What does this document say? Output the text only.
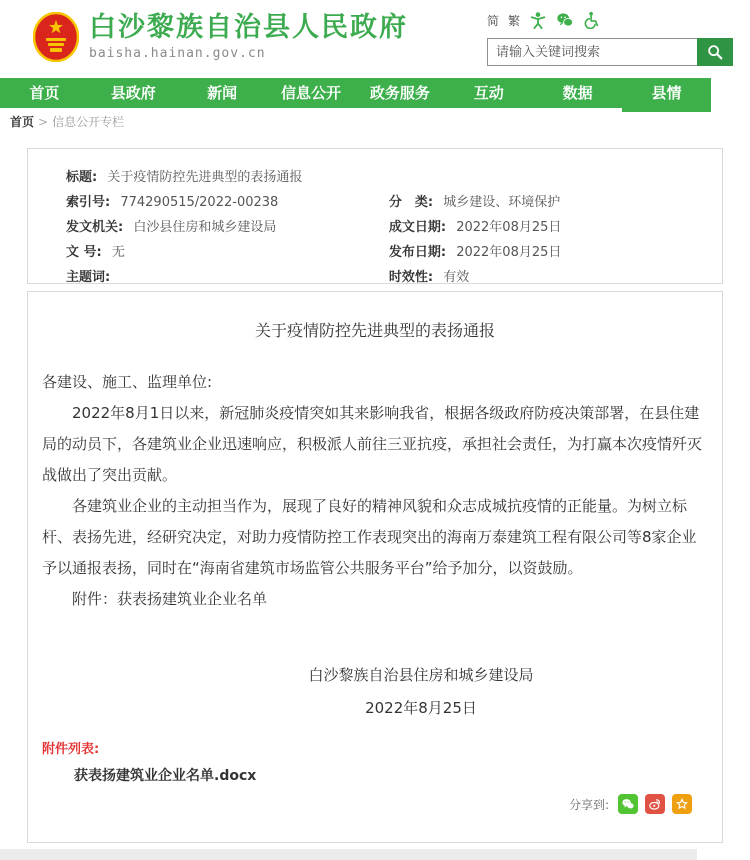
白沙黎族自治县人民政府
baisha.hainan.gov.cn
简 繁
请输入关键词搜索
首页	县政府	新闻	信息公开	政务服务	互动	数据	县情
首页 > 信息公开专栏
标题: 关于疫情防控先进典型的表扬通报
索引号: 774290515/2022-00238	分　类: 城乡建设、环境保护
发文机关: 白沙县住房和城乡建设局	成文日期: 2022年08月25日
文 号: 无	发布日期: 2022年08月25日
主题词:	时效性: 有效
关于疫情防控先进典型的表扬通报

各建设、施工、监理单位:

2022年8月1日以来，新冠肺炎疫情突如其来影响我省，根据各级政府防疫决策部署，在县住建局的动员下，各建筑业企业迅速响应，积极派人前往三亚抗疫，承担社会责任，为打赢本次疫情歼灭战做出了突出贡献。

各建筑业企业的主动担当作为，展现了良好的精神风貌和众志成城抗疫情的正能量。为树立标杆、表扬先进，经研究决定，对助力疫情防控工作表现突出的海南万泰建筑工程有限公司等8家企业予以通报表扬，同时在“海南省建筑市场监管公共服务平台”给予加分，以资鼓励。

附件：获表扬建筑业企业名单

白沙黎族自治县住房和城乡建设局
2022年8月25日
附件列表:
获表扬建筑业企业名单.docx
分享到:
